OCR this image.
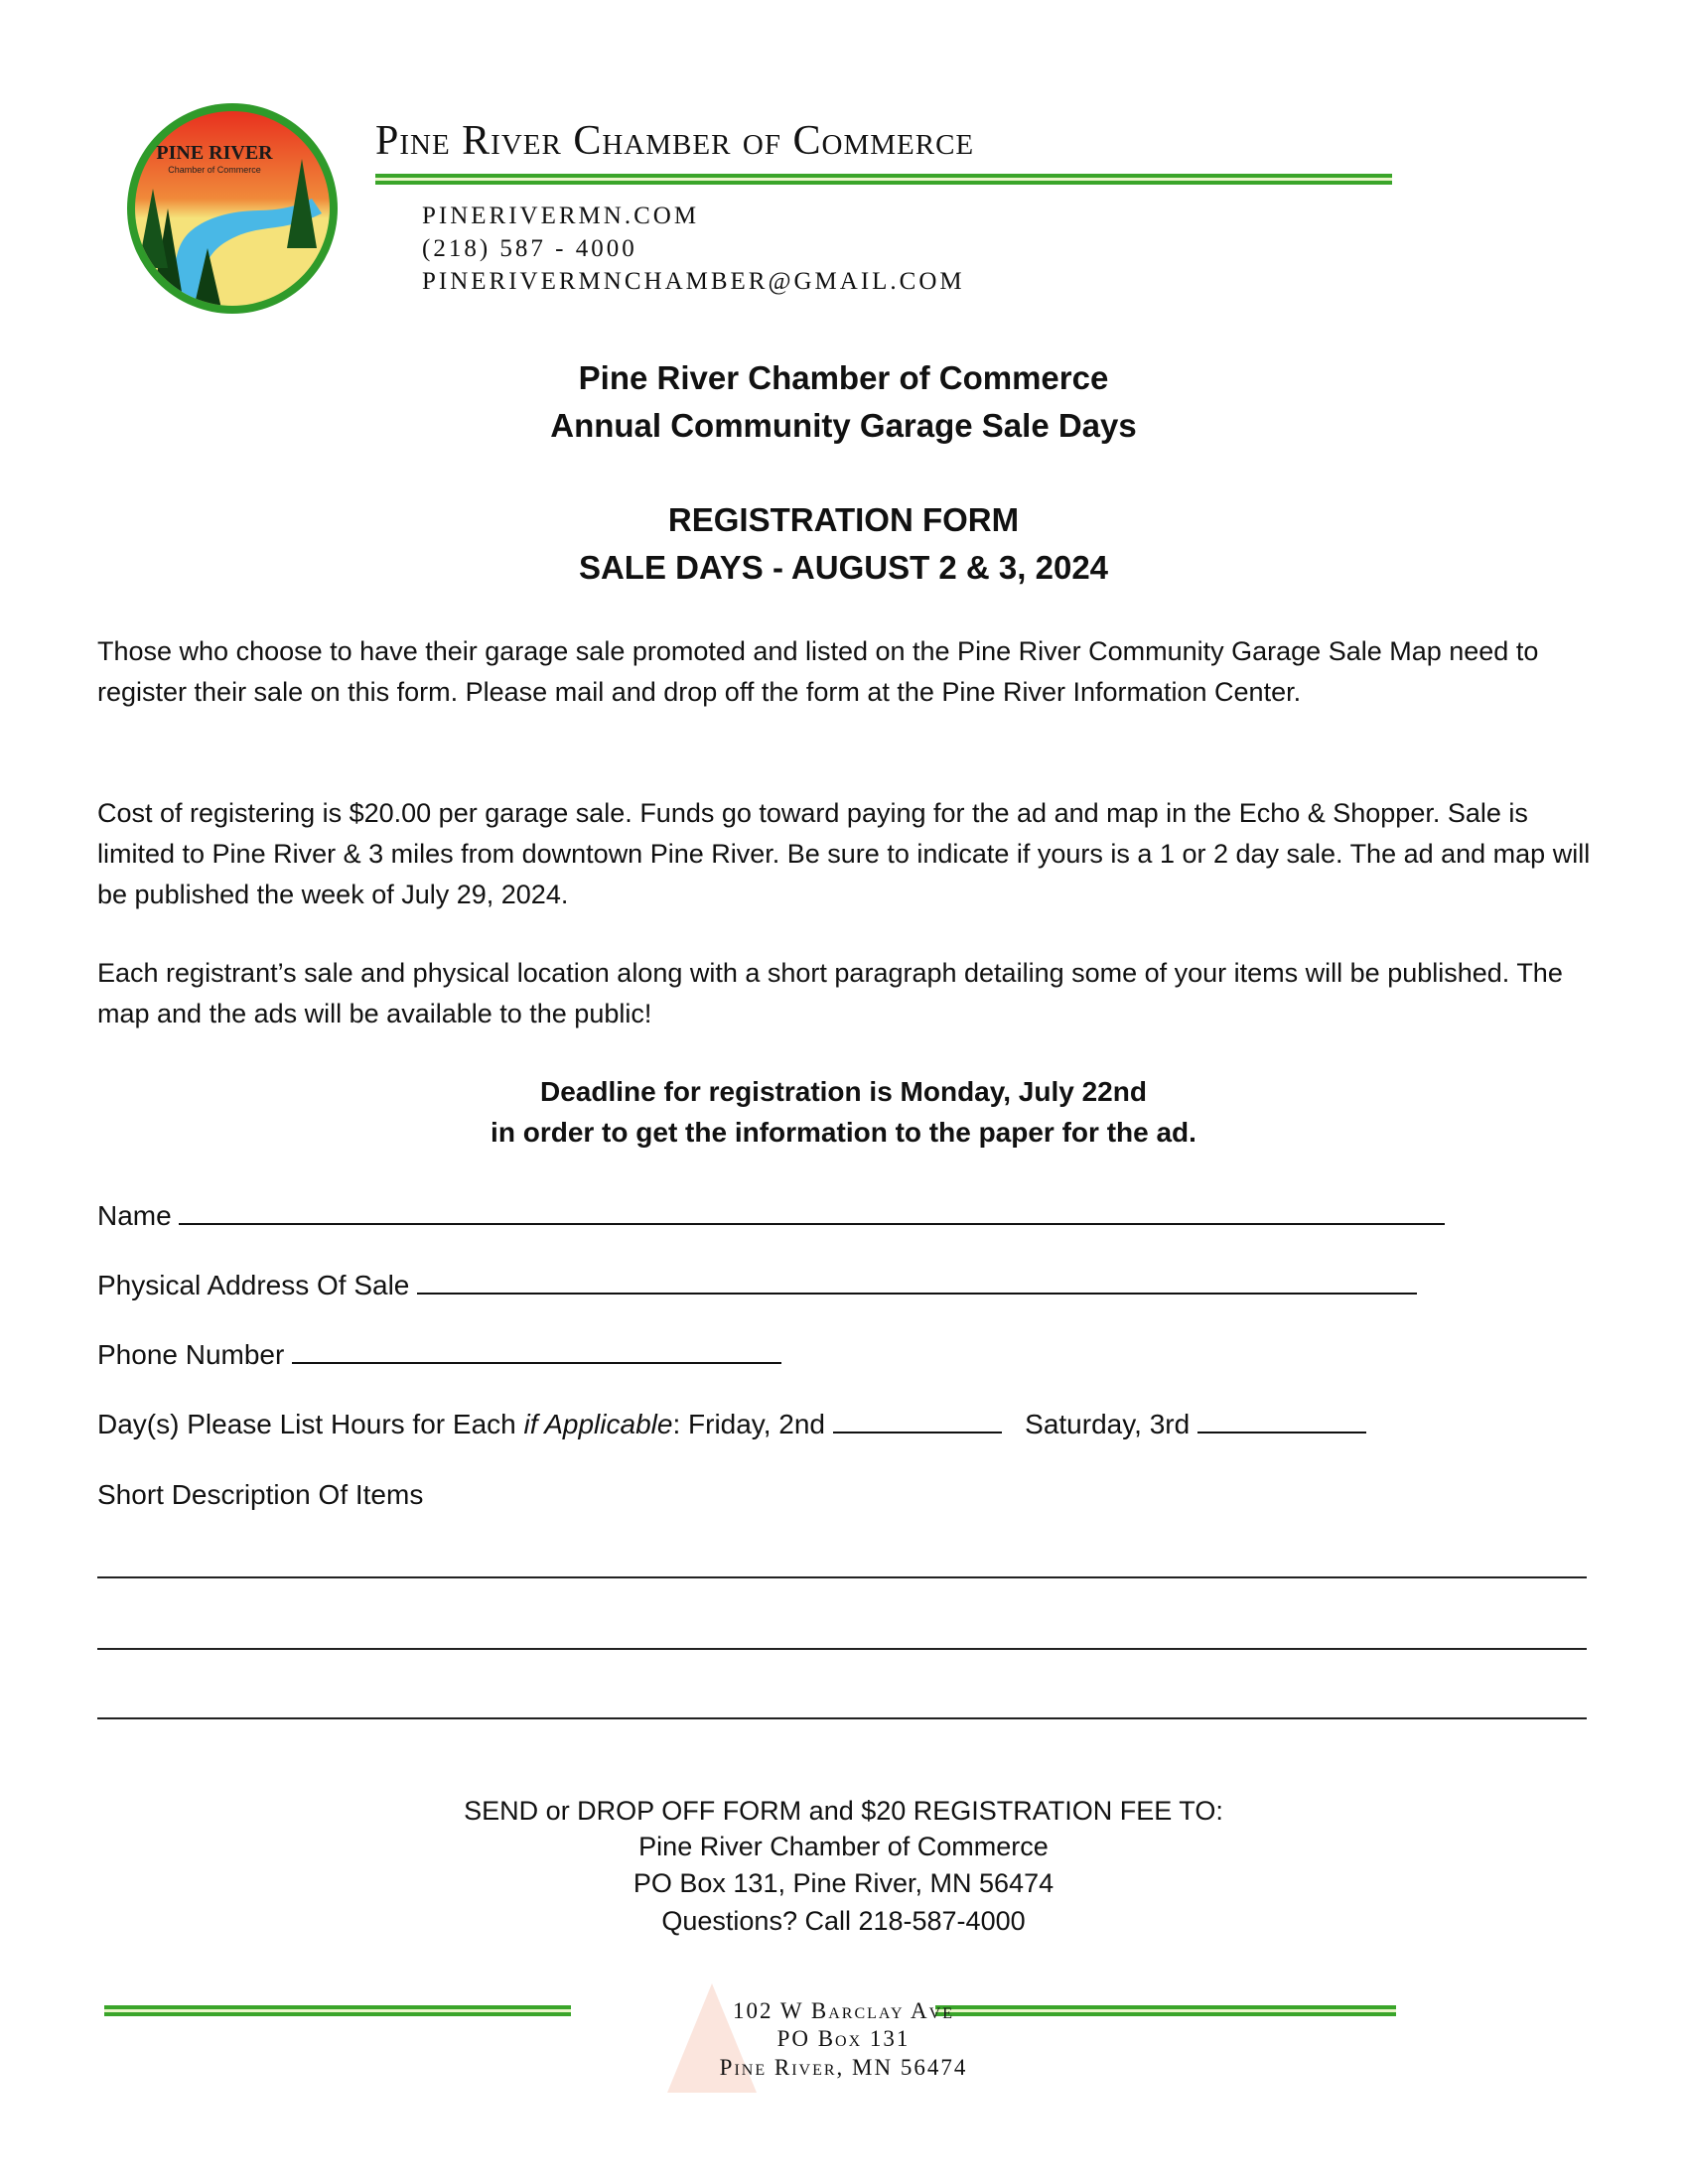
PINE RIVER
Chamber of Commerce
Pine River Chamber of Commerce
PINERIVERMN.COM
(218) 587 - 4000
PINERIVERMNCHAMBER@GMAIL.COM
Pine River Chamber of Commerce
Annual Community Garage Sale Days
REGISTRATION FORM
SALE DAYS - AUGUST 2 & 3, 2024
Those who choose to have their garage sale promoted and listed on the Pine River Community Garage Sale Map need to register their sale on this form. Please mail and drop off the form at the Pine River Information Center.
Cost of registering is $20.00 per garage sale. Funds go toward paying for the ad and map in the Echo & Shopper. Sale is limited to Pine River & 3 miles from downtown Pine River. Be sure to indicate if yours is a 1 or 2 day sale. The ad and map will be published the week of July 29, 2024.
Each registrant’s sale and physical location along with a short paragraph detailing some of your items will be published. The map and the ads will be available to the public!
Deadline for registration is Monday, July 22nd
in order to get the information to the paper for the ad.
Name
Physical Address Of Sale
Phone Number
Day(s) Please List Hours for Each if Applicable: Friday, 2nd	Saturday, 3rd
Short Description Of Items
SEND or DROP OFF FORM and $20 REGISTRATION FEE TO:
Pine River Chamber of Commerce
PO Box 131, Pine River, MN 56474
Questions? Call 218-587-4000
102 W Barclay Ave
PO Box 131
Pine River, MN 56474
